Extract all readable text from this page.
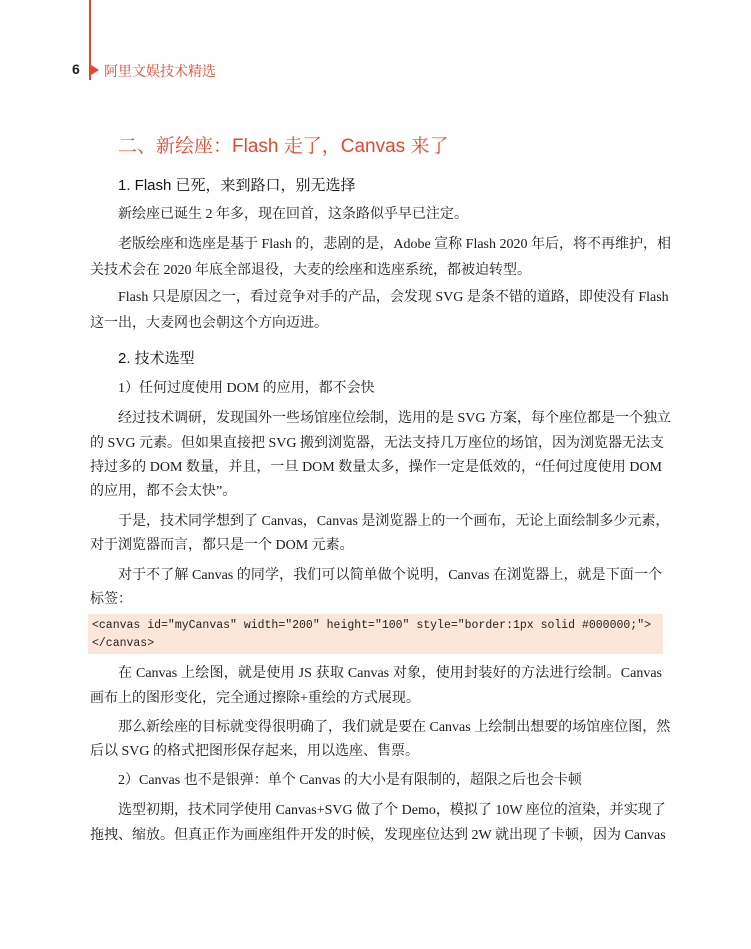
6 阿里文娱技术精选
二、新绘座：Flash 走了，Canvas 来了
1. Flash 已死，来到路口，别无选择
新绘座已诞生 2 年多，现在回首，这条路似乎早已注定。
老版绘座和选座是基于 Flash 的，悲剧的是，Adobe 宣称 Flash 2020 年后，将不再维护，相
关技术会在 2020 年底全部退役，大麦的绘座和选座系统，都被迫转型。
Flash 只是原因之一，看过竞争对手的产品，会发现 SVG 是条不错的道路，即使没有 Flash
这一出，大麦网也会朝这个方向迈进。
2. 技术选型
1）任何过度使用 DOM 的应用，都不会快
经过技术调研，发现国外一些场馆座位绘制，选用的是 SVG 方案，每个座位都是一个独立
的 SVG 元素。但如果直接把 SVG 搬到浏览器，无法支持几万座位的场馆，因为浏览器无法支
持过多的 DOM 数量，并且，一旦 DOM 数量太多，操作一定是低效的，“任何过度使用 DOM
的应用，都不会太快”。
于是，技术同学想到了 Canvas，Canvas 是浏览器上的一个画布，无论上面绘制多少元素，
对于浏览器而言，都只是一个 DOM 元素。
对于不了解 Canvas 的同学，我们可以简单做个说明，Canvas 在浏览器上，就是下面一个
标签：
<canvas id="myCanvas" width="200" height="100" style="border:1px solid #000000;">
</canvas>
在 Canvas 上绘图，就是使用 JS 获取 Canvas 对象，使用封装好的方法进行绘制。Canvas
画布上的图形变化，完全通过擦除+重绘的方式展现。
那么新绘座的目标就变得很明确了，我们就是要在 Canvas 上绘制出想要的场馆座位图，然
后以 SVG 的格式把图形保存起来，用以选座、售票。
2）Canvas 也不是银弹：单个 Canvas 的大小是有限制的，超限之后也会卡顿
选型初期，技术同学使用 Canvas+SVG 做了个 Demo，模拟了 10W 座位的渲染，并实现了
拖拽、缩放。但真正作为画座组件开发的时候，发现座位达到 2W 就出现了卡顿，因为 Canvas
